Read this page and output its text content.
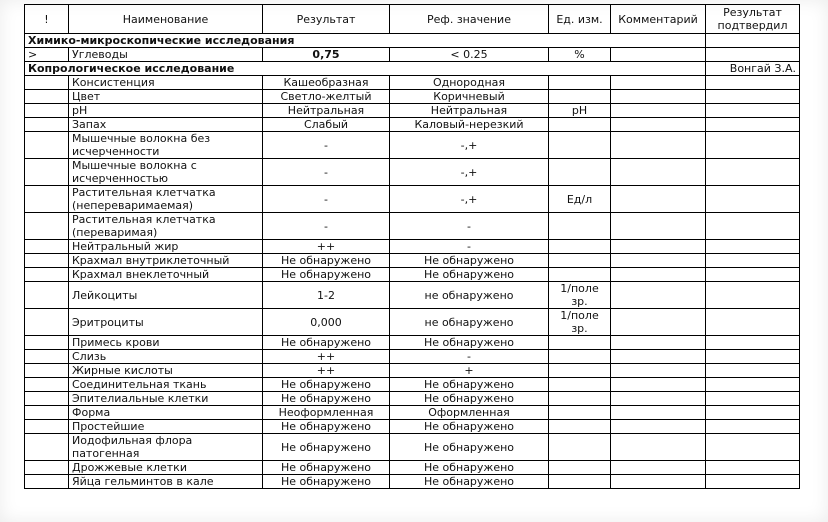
!	Наименование	Результат	Реф. значение	Ед. изм.	Комментарий	Результат подтвердил
Химико-микроскопические исследования						
>	Углеводы	0,75	< 0.25	%		
Копрологическое исследование						Вонгай З.А.
	Консистенция	Кашеобразная	Однородная			
	Цвет	Светло-желтый	Коричневый			
	pH	Нейтральная	Нейтральная	pH		
	Запах	Слабый	Каловый-нерезкий			
	Мышечные волокна без исчерченности	-	-,+			
	Мышечные волокна с исчерченностью	-	-,+			
	Растительная клетчатка (непереваримаемая)	-	-,+	Ед/л		
	Растительная клетчатка (переваримая)	-	-			
	Нейтральный жир	++	-			
	Крахмал внутриклеточный	Не обнаружено	Не обнаружено			
	Крахмал внеклеточный	Не обнаружено	Не обнаружено			
	Лейкоциты	1-2	не обнаружено	1/поле зр.		
	Эритроциты	0,000	не обнаружено	1/поле зр.		
	Примесь крови	Не обнаружено	Не обнаружено			
	Слизь	++	-			
	Жирные кислоты	++	+			
	Соединительная ткань	Не обнаружено	Не обнаружено			
	Эпителиальные клетки	Не обнаружено	Не обнаружено			
	Форма	Неоформленная	Оформленная			
	Простейшие	Не обнаружено	Не обнаружено			
	Иодофильная флора патогенная	Не обнаружено	Не обнаружено			
	Дрожжевые клетки	Не обнаружено	Не обнаружено			
	Яйца гельминтов в кале	Не обнаружено	Не обнаружено			
